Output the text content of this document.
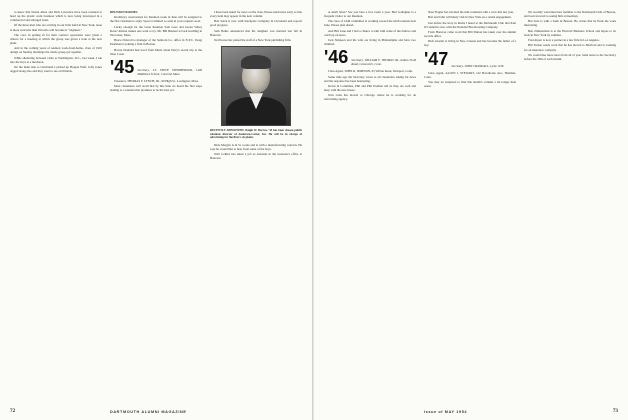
to know that Nestle Allen and Dick Lawrence have been retained to head up the plastic resin business which is now being developed in a commercial and enlarged basis.

Of the three men who are arriving in our little band in New York, none is more welcome than Jim who will become Ir "engineer."

The crew in getting in for their contract operations were given a chance for a meeting at which the group was given a look at the new plant.

And in the coming years of reunion work-from-home, class of 1945 doings on Sunday mornings the whole group got together.

While sheltering between visits to Washington, D.C., last week, I ran into the boys at a luncheon.

On the main task to Cincinnati I picked up Hoppie Wolf. Jolly Jones tagged along also and they went to see old friends.

REUNION ROOMS:

Dormitory reservations for Reunion week in June will be assigned to the first classmen to reply. Space is limited so send in your requests soon.

Lucky enough for the Gone Reunion Sam Gore and Green Valley Rose? Almost makes one want to try. Mr. Bill Bennett is back teaching in Worcester, Mass.

Bruce Driscoll is manager of the Sanborn Co. office in N.Y.C. Doug Pearlman is joining a firm in Boston.

Howie Neubald had word from Marie about Perry's recent trip to the West Coast.

'45 Secretary, LT. STEVE STEINBERGER, 1400 Middlesex School, Concord, Mass.

Treasurer, THOMAS F. LYNCH, JR., 99 High St., Lexington, Mass.

Most classmates will recall that by this time we heard the first steps leading to a reunion that promises to be the best yet.

I have been asked for news on the class. Please send notes early so that every item may appear in the next column.

Bob Stack is now with Stackpole Company in Cleveland and reports good progress.

Sam Bahrs announced that his daughter was married last fall in Hanover.

Ted Pearse has joined the staff of a New York publishing firm.

RECENTLY APPOINTED: Ralph W. Barrow '45 has been chosen public relations director of Anderson-Carter, Inc. He will be in charge of advertising for the firm's six plants.

Dick Morgan is in St. Louis and is with a manufacturing concern. He says he would like to hear from some of the boys.

Walt Collins has taken a job as assistant in the treasurer's office at Hanover.

72	DARTMOUTH ALUMNI MAGAZINE

A small letter? See you later a live event a year. Bart Gallagher is a frequent visitor to our Reunion.

The class of 1946 committee is working toward the tenth reunion next June. Please plan ahead.

And Bill Lane and I had a chance to talk with some of the fellows and catch up on news.

Jack Simpson and his wife are living in Philadelphia and have two children.

'46 Secretary, WILLIAM F. THOMAS JR., Indian Field Road, Greenwich, Conn.

Class Agent, JOHN R. SIMPSON, 65 Wilton Road, Westport, Conn.

Some time ago the Secretary wrote to all classmates asking for news and the response has been heartening.

Down in Columbus, Phil and Phil Prudner tell us they are well and busy with the new house.

Tom Grist has moved to Chicago where he is working for an advertising agency.

Nate Flagler has traveled the mid-continent with a crew this last year.

Bob and John will likely visit in New York on a return engagement.

Just before the story in Rome I heard at the Dartmouth Club that Paul O'Connell is now with the National Broadcasting Company.

From Hanover came word that Bill Dutton has taken over the alumni records office.

Dick Glazier is living in New Canaan and has become the father of a boy.

'47 Secretary, JOHN CRANDALL, Lyme, N.H.

Class Agent, ALLEN J. STEWART, 142 Hawthorne Ave., Hamden, Conn.

You may be surprised to find this month's column a bit longer than usual.

We recently welcomed new member to the Dartmouth Club of Boston, and look forward to seeing him at meetings.

Hal Lutz is with a bank in Boston. He writes that he finds the work interesting.

Ben Zimmerman is at the Harvard Business School and hopes to be back in New York by summer.

Fred Alpert is now a partner in a law firm in Los Angeles.

Bill Tucker sends word that he has moved to Hartford and is working for an insurance company.

We would like more news from all of you. Send notes to the Secretary before the 10th of each month.

Issue of MAY 1954	73
